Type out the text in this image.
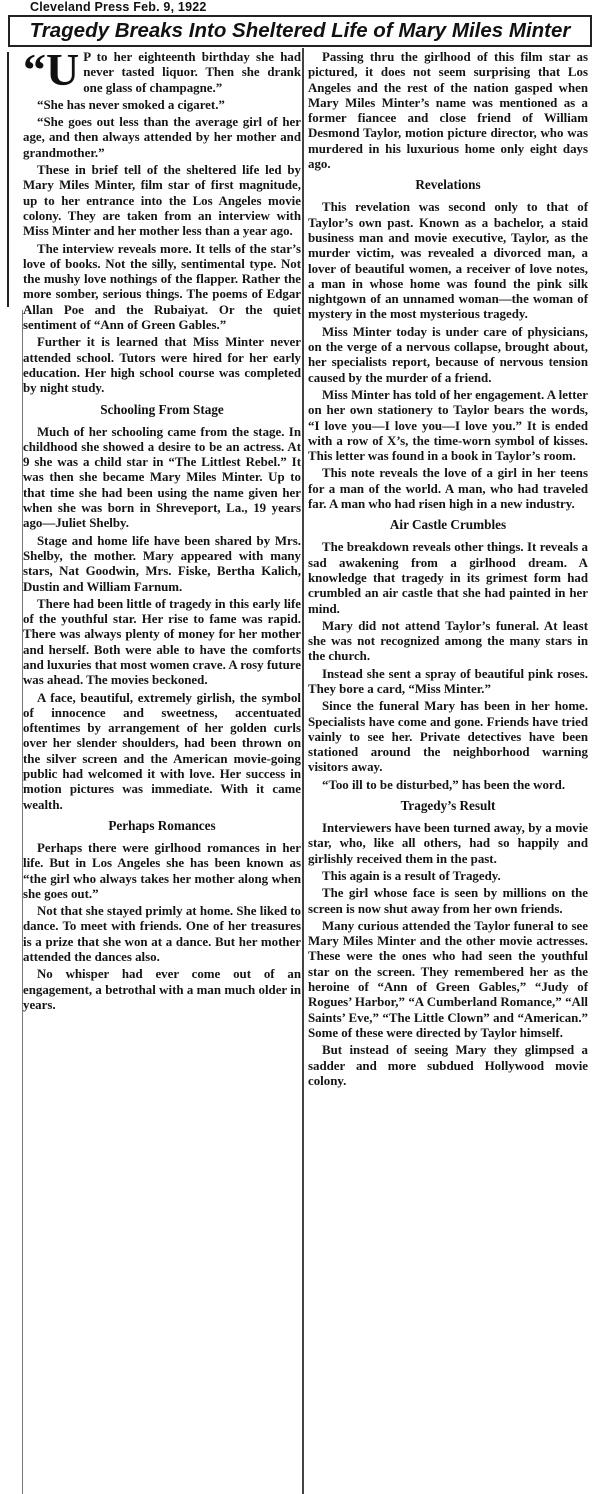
Cleveland Press Feb. 9, 1922
Tragedy Breaks Into Sheltered Life of Mary Miles Minter
“U P to her eighteenth birthday she had never tasted liquor. Then she drank one glass of champagne.”

“She has never smoked a cigaret.”

“She goes out less than the average girl of her age, and then always attended by her mother and grandmother.”

These in brief tell of the sheltered life led by Mary Miles Minter, film star of first magnitude, up to her entrance into the Los Angeles movie colony. They are taken from an interview with Miss Minter and her mother less than a year ago.

The interview reveals more. It tells of the star’s love of books. Not the silly, sentimental type. Not the mushy love nothings of the flapper. Rather the more somber, serious things. The poems of Edgar Allan Poe and the Rubaiyat. Or the quiet sentiment of “Ann of Green Gables.”

Further it is learned that Miss Minter never attended school. Tutors were hired for her early education. Her high school course was completed by night study.

Schooling From Stage

Much of her schooling came from the stage. In childhood she showed a desire to be an actress. At 9 she was a child star in “The Littlest Rebel.” It was then she became Mary Miles Minter. Up to that time she had been using the name given her when she was born in Shreveport, La., 19 years ago—Juliet Shelby.

Stage and home life have been shared by Mrs. Shelby, the mother. Mary appeared with many stars, Nat Goodwin, Mrs. Fiske, Bertha Kalich, Dustin and William Farnum.

There had been little of tragedy in this early life of the youthful star. Her rise to fame was rapid. There was always plenty of money for her mother and herself. Both were able to have the comforts and luxuries that most women crave. A rosy future was ahead. The movies beckoned.

A face, beautiful, extremely girlish, the symbol of innocence and sweetness, accentuated oftentimes by arrangement of her golden curls over her slender shoulders, had been thrown on the silver screen and the American movie-going public had welcomed it with love. Her success in motion pictures was immediate. With it came wealth.

Perhaps Romances

Perhaps there were girlhood romances in her life. But in Los Angeles she has been known as “the girl who always takes her mother along when she goes out.”

Not that she stayed primly at home. She liked to dance. To meet with friends. One of her treasures is a prize that she won at a dance. But her mother attended the dances also.

No whisper had ever come out of an engagement, a betrothal with a man much older in years.

Passing thru the girlhood of this film star as pictured, it does not seem surprising that Los Angeles and the rest of the nation gasped when Mary Miles Minter’s name was mentioned as a former fiancee and close friend of William Desmond Taylor, motion picture director, who was murdered in his luxurious home only eight days ago.

Revelations

This revelation was second only to that of Taylor’s own past. Known as a bachelor, a staid business man and movie executive, Taylor, as the murder victim, was revealed a divorced man, a lover of beautiful women, a receiver of love notes, a man in whose home was found the pink silk nightgown of an unnamed woman—the woman of mystery in the most mysterious tragedy.

Miss Minter today is under care of physicians, on the verge of a nervous collapse, brought about, her specialists report, because of nervous tension caused by the murder of a friend.

Miss Minter has told of her engagement. A letter on her own stationery to Taylor bears the words, “I love you—I love you—I love you.” It is ended with a row of X’s, the time-worn symbol of kisses. This letter was found in a book in Taylor’s room.

This note reveals the love of a girl in her teens for a man of the world. A man, who had traveled far. A man who had risen high in a new industry.

Air Castle Crumbles

The breakdown reveals other things. It reveals a sad awakening from a girlhood dream. A knowledge that tragedy in its grimest form had crumbled an air castle that she had painted in her mind.

Mary did not attend Taylor’s funeral. At least she was not recognized among the many stars in the church.

Instead she sent a spray of beautiful pink roses. They bore a card, “Miss Minter.”

Since the funeral Mary has been in her home. Specialists have come and gone. Friends have tried vainly to see her. Private detectives have been stationed around the neighborhood warning visitors away.

“Too ill to be disturbed,” has been the word.

Tragedy’s Result

Interviewers have been turned away, by a movie star, who, like all others, had so happily and girlishly received them in the past.

This again is a result of Tragedy.

The girl whose face is seen by millions on the screen is now shut away from her own friends.

Many curious attended the Taylor funeral to see Mary Miles Minter and the other movie actresses. These were the ones who had seen the youthful star on the screen. They remembered her as the heroine of “Ann of Green Gables,” “Judy of Rogues’ Harbor,” “A Cumberland Romance,” “All Saints’ Eve,” “The Little Clown” and “American.” Some of these were directed by Taylor himself.

But instead of seeing Mary they glimpsed a sadder and more subdued Hollywood movie colony.
